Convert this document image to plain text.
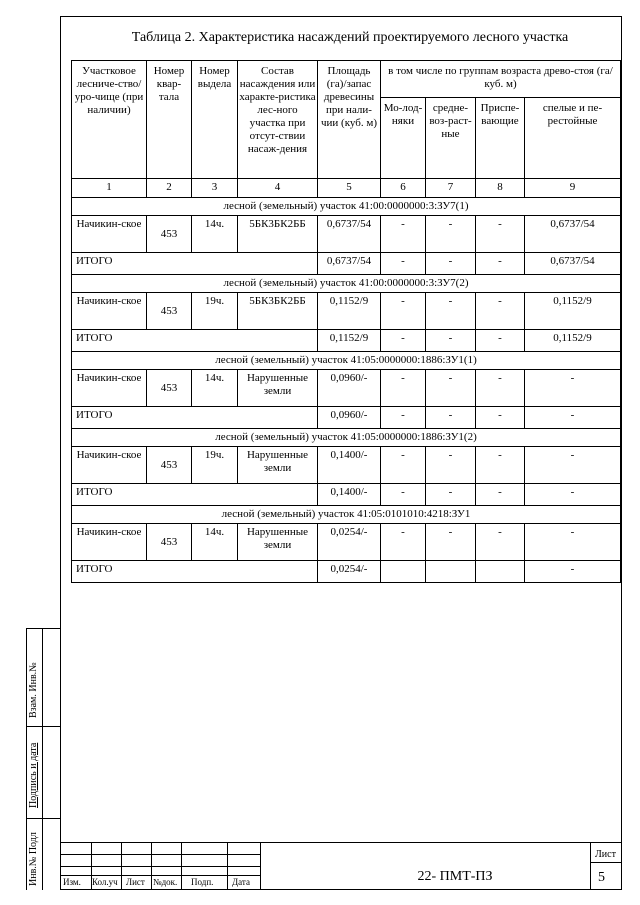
Таблица 2. Характеристика насаждений проектируемого лесного участка
Участковое лесниче-ство/уро-чище (при наличии)	Номер квар-тала	Номер выдела	Состав насаждения или характе-ристика лес-ного участка при отсут-ствии насаж-дения	Площадь (га)/запас древесины при нали-чии (куб. м)	в том числе по группам возраста древо-стоя (га/куб. м)			
					Мо-лод-няки	средне-воз-раст-ные	Приспе-вающие	спелые и пе-рестойные
1	2	3	4	5	6	7	8	9
лесной (земельный) участок 41:00:0000000:3:ЗУ7(1)								
Начикин-ское	453	14ч.	5БК3БК2ББ	0,6737/54	-	-	-	0,6737/54
ИТОГО				0,6737/54	-	-	-	0,6737/54
лесной (земельный) участок 41:00:0000000:3:ЗУ7(2)								
Начикин-ское	453	19ч.	5БК3БК2ББ	0,1152/9	-	-	-	0,1152/9
ИТОГО				0,1152/9	-	-	-	0,1152/9
лесной (земельный) участок 41:05:0000000:1886:ЗУ1(1)								
Начикин-ское	453	14ч.	Нарушенные земли	0,0960/-	-	-	-	-
ИТОГО				0,0960/-	-	-	-	-
лесной (земельный) участок 41:05:0000000:1886:ЗУ1(2)								
Начикин-ское	453	19ч.	Нарушенные земли	0,1400/-	-	-	-	-
ИТОГО				0,1400/-	-	-	-	-
лесной (земельный) участок 41:05:0101010:4218:ЗУ1								
Начикин-ское	453	14ч.	Нарушенные земли	0,0254/-	-	-	-	-
ИТОГО				0,0254/-				-
Взам. Инв.№
Подпись и дата
Инв.№ Подл	Изм. Кол.уч Лист №док. Подп. Дата	22- ПМТ-ПЗ
Лист
5
